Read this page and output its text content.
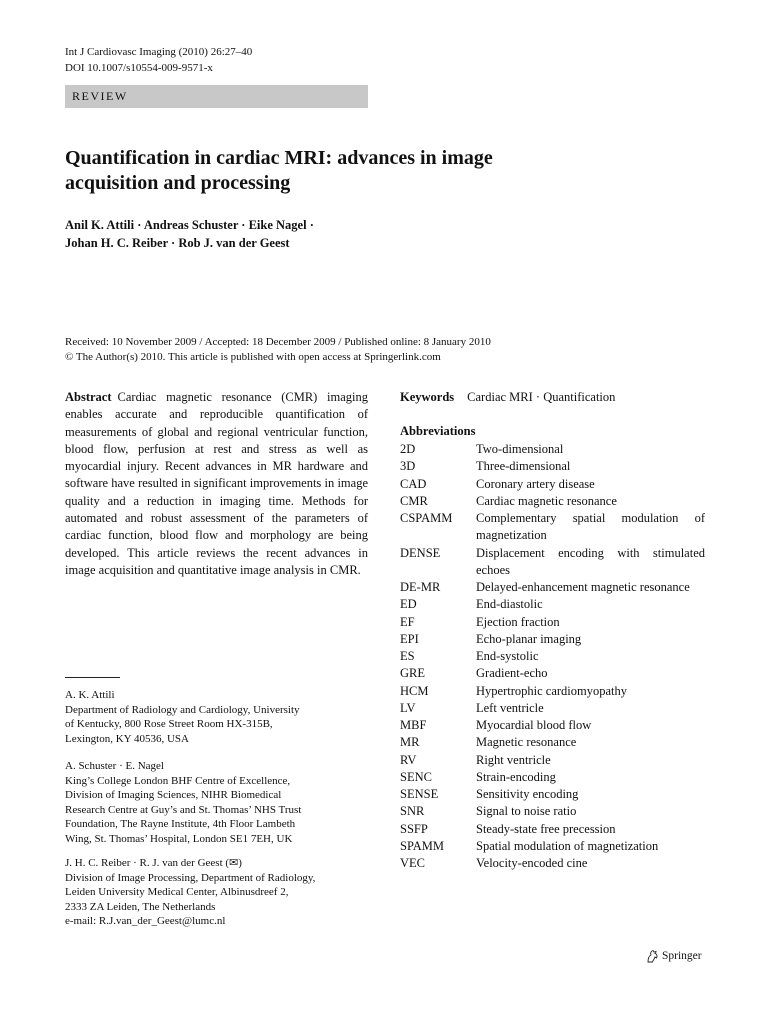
Int J Cardiovasc Imaging (2010) 26:27–40
DOI 10.1007/s10554-009-9571-x
REVIEW
Quantification in cardiac MRI: advances in image
acquisition and processing
Anil K. Attili · Andreas Schuster · Eike Nagel ·
Johan H. C. Reiber · Rob J. van der Geest
Received: 10 November 2009 / Accepted: 18 December 2009 / Published online: 8 January 2010
© The Author(s) 2010. This article is published with open access at Springerlink.com
Abstract Cardiac magnetic resonance (CMR) imaging enables accurate and reproducible quantification of measurements of global and regional ventricular function, blood flow, perfusion at rest and stress as well as myocardial injury. Recent advances in MR hardware and software have resulted in significant improvements in image quality and a reduction in imaging time. Methods for automated and robust assessment of the parameters of cardiac function, blood flow and morphology are being developed. This article reviews the recent advances in image acquisition and quantitative image analysis in CMR.
A. K. Attili
Department of Radiology and Cardiology, University
of Kentucky, 800 Rose Street Room HX-315B,
Lexington, KY 40536, USA
A. Schuster · E. Nagel
King’s College London BHF Centre of Excellence,
Division of Imaging Sciences, NIHR Biomedical
Research Centre at Guy’s and St. Thomas’ NHS Trust
Foundation, The Rayne Institute, 4th Floor Lambeth
Wing, St. Thomas’ Hospital, London SE1 7EH, UK
J. H. C. Reiber · R. J. van der Geest (✉)
Division of Image Processing, Department of Radiology,
Leiden University Medical Center, Albinusdreef 2,
2333 ZA Leiden, The Netherlands
e-mail: R.J.van_der_Geest@lumc.nl
Keywords Cardiac MRI · Quantification
Abbreviations
2D	Two-dimensional
3D	Three-dimensional
CAD	Coronary artery disease
CMR	Cardiac magnetic resonance
CSPAMM	Complementary spatial modulation of magnetization
DENSE	Displacement encoding with stimulated echoes
DE-MR	Delayed-enhancement magnetic resonance
ED	End-diastolic
EF	Ejection fraction
EPI	Echo-planar imaging
ES	End-systolic
GRE	Gradient-echo
HCM	Hypertrophic cardiomyopathy
LV	Left ventricle
MBF	Myocardial blood flow
MR	Magnetic resonance
RV	Right ventricle
SENC	Strain-encoding
SENSE	Sensitivity encoding
SNR	Signal to noise ratio
SSFP	Steady-state free precession
SPAMM	Spatial modulation of magnetization
VEC	Velocity-encoded cine
Springer
